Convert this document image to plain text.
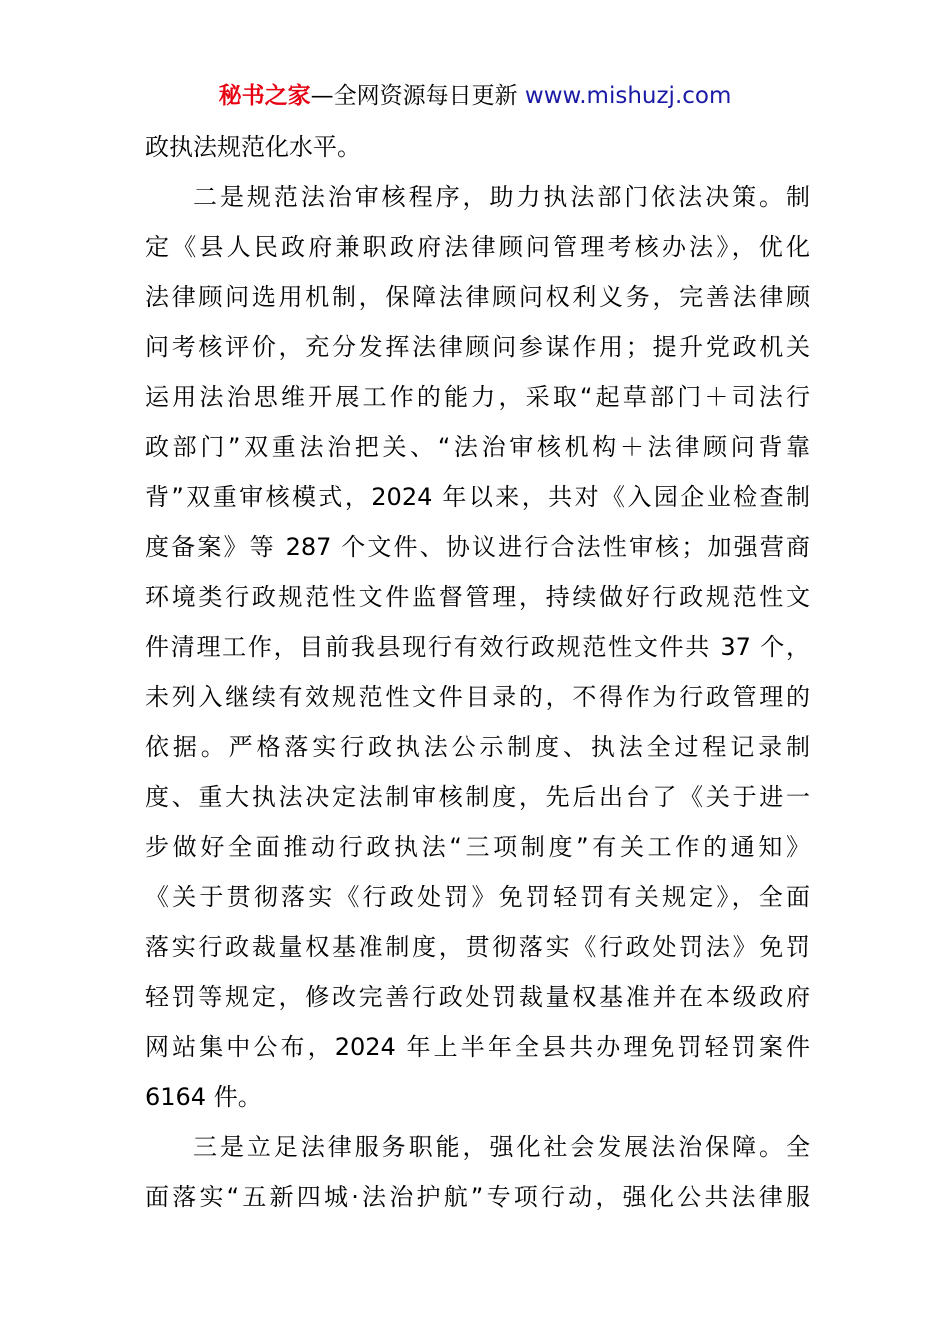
秘书之家—全网资源每日更新 www.mishuzj.com
政执法规范化水平。
二是规范法治审核程序，助力执法部门依法决策。制
定《县人民政府兼职政府法律顾问管理考核办法》，优化
法律顾问选用机制，保障法律顾问权利义务，完善法律顾
问考核评价，充分发挥法律顾问参谋作用；提升党政机关
运用法治思维开展工作的能力，采取“起草部门＋司法行
政部门”双重法治把关、“法治审核机构＋法律顾问背靠
背”双重审核模式，2024 年以来，共对《入园企业检查制
度备案》等 287 个文件、协议进行合法性审核；加强营商
环境类行政规范性文件监督管理，持续做好行政规范性文
件清理工作，目前我县现行有效行政规范性文件共 37 个，
未列入继续有效规范性文件目录的，不得作为行政管理的
依据。严格落实行政执法公示制度、执法全过程记录制
度、重大执法决定法制审核制度，先后出台了《关于进一
步做好全面推动行政执法“三项制度”有关工作的通知》
《关于贯彻落实《行政处罚》免罚轻罚有关规定》，全面
落实行政裁量权基准制度，贯彻落实《行政处罚法》免罚
轻罚等规定，修改完善行政处罚裁量权基准并在本级政府
网站集中公布，2024 年上半年全县共办理免罚轻罚案件
6164 件。
三是立足法律服务职能，强化社会发展法治保障。全
面落实“五新四城·法治护航”专项行动，强化公共法律服
